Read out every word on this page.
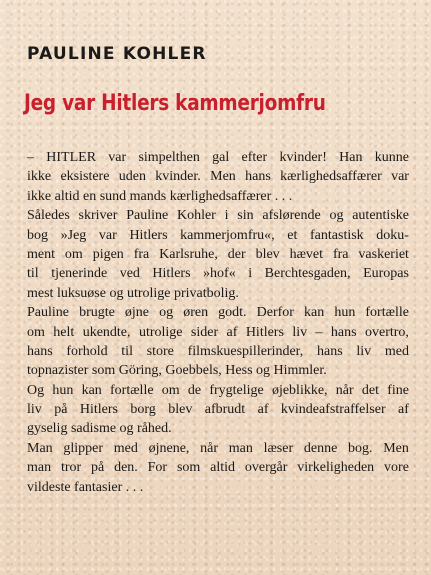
PAULINE KOHLER
Jeg var Hitlers kammerjomfru
– HITLER var simpelthen gal efter kvinder! Han kunne
ikke eksistere uden kvinder. Men hans kærlighedsaffærer var
ikke altid en sund mands kærlighedsaffærer . . .
Således skriver Pauline Kohler i sin afslørende og autentiske
bog »Jeg var Hitlers kammerjomfru«, et fantastisk doku-
ment om pigen fra Karlsruhe, der blev hævet fra vaskeriet
til tjenerinde ved Hitlers »hof« i Berchtesgaden, Europas
mest luksuøse og utrolige privatbolig.
Pauline brugte øjne og øren godt. Derfor kan hun fortælle
om helt ukendte, utrolige sider af Hitlers liv – hans overtro,
hans forhold til store filmskuespillerinder, hans liv med
topnazister som Göring, Goebbels, Hess og Himmler.
Og hun kan fortælle om de frygtelige øjeblikke, når det fine
liv på Hitlers borg blev afbrudt af kvindeafstraffelser af
gyselig sadisme og råhed.
Man glipper med øjnene, når man læser denne bog. Men
man tror på den. For som altid overgår virkeligheden vore
vildeste fantasier . . .
